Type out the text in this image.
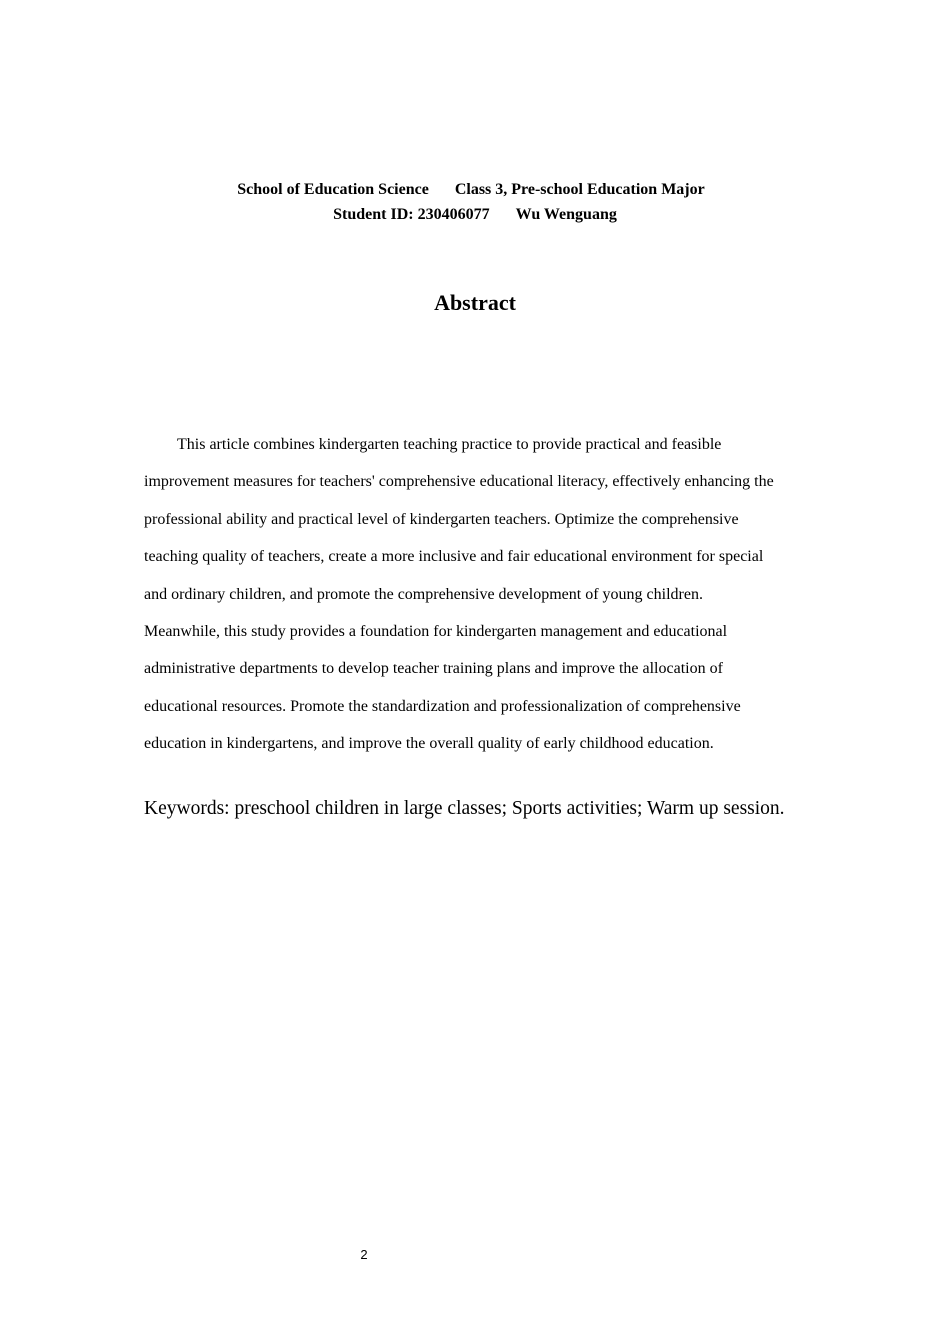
School of Education Science Class 3, Pre-school Education Major
Student ID: 230406077 Wu Wenguang
Abstract

This article combines kindergarten teaching practice to provide practical and feasible
improvement measures for teachers' comprehensive educational literacy, effectively enhancing the
professional ability and practical level of kindergarten teachers. Optimize the comprehensive
teaching quality of teachers, create a more inclusive and fair educational environment for special
and ordinary children, and promote the comprehensive development of young children.
Meanwhile, this study provides a foundation for kindergarten management and educational
administrative departments to develop teacher training plans and improve the allocation of
educational resources. Promote the standardization and professionalization of comprehensive
education in kindergartens, and improve the overall quality of early childhood education.

Keywords: preschool children in large classes; Sports activities; Warm up session.
2
